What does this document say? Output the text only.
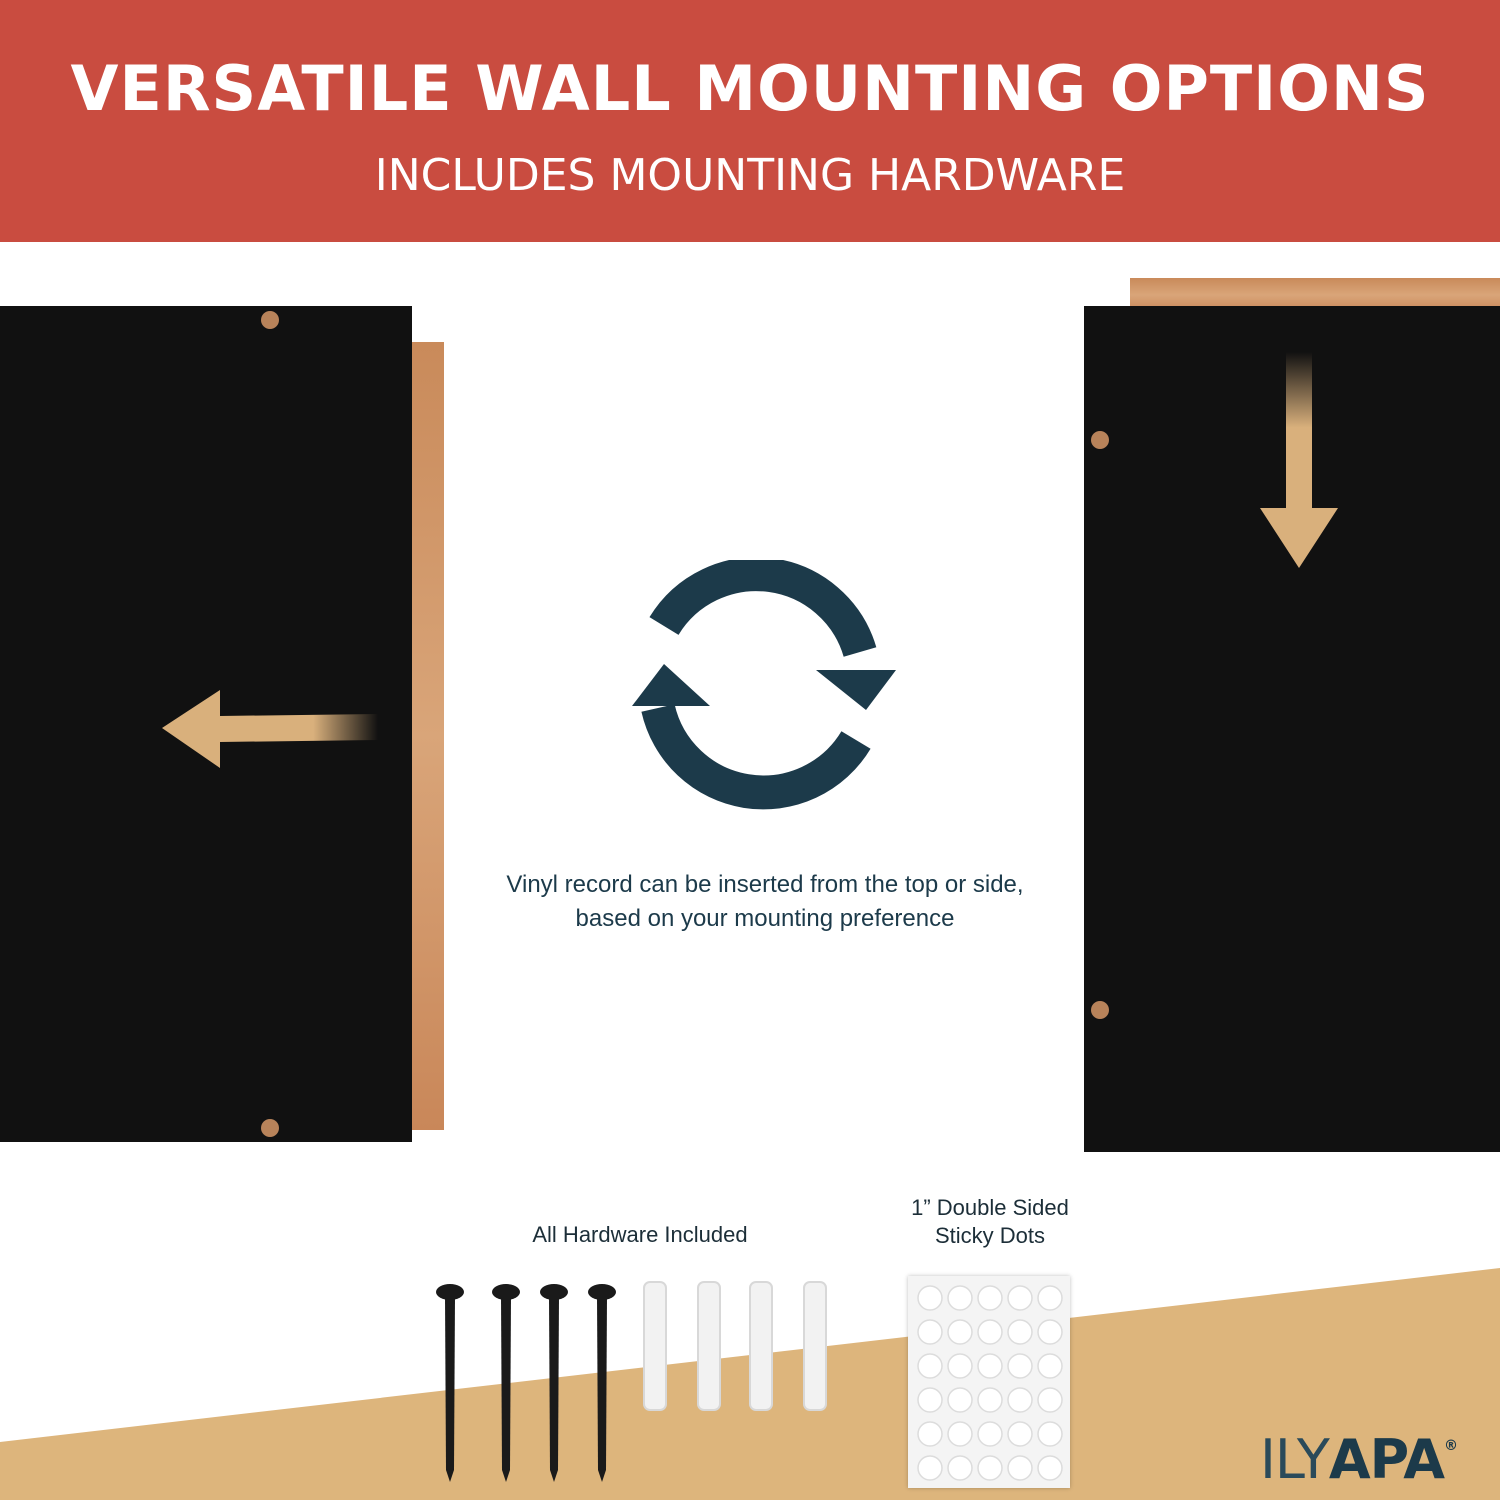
VERSATILE WALL MOUNTING OPTIONS
INCLUDES MOUNTING HARDWARE
Vinyl record can be inserted from the top or side,
based on your mounting preference
All Hardware Included
1” Double Sided
Sticky Dots
ILYAPA®
